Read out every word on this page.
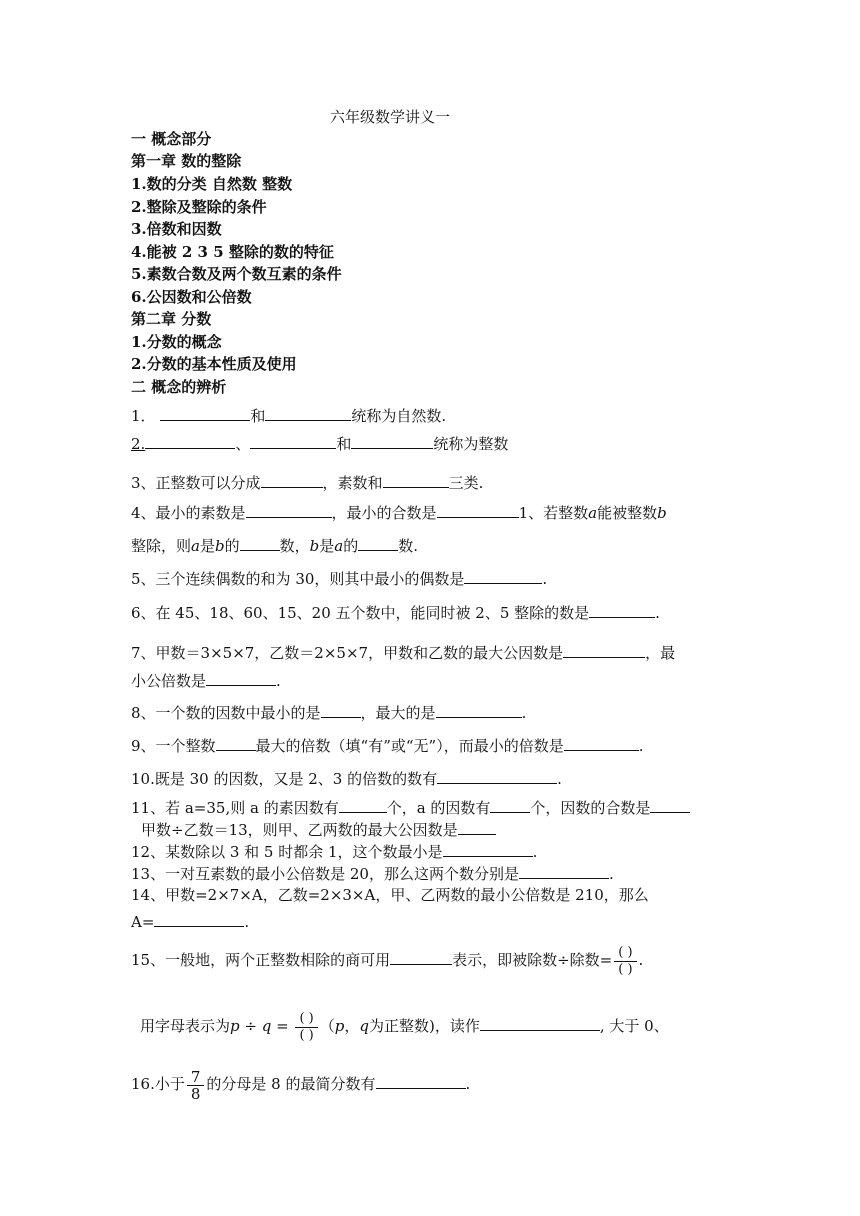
六年级数学讲义一
一 概念部分
第一章 数的整除
1.数的分类 自然数 整数
2.整除及整除的条件
3.倍数和因数
4.能被 2 3 5 整除的数的特征
5.素数合数及两个数互素的条件
6.公因数和公倍数
第二章 分数
1.分数的概念
2.分数的基本性质及使用
二 概念的辨析
1．	和	统称为自然数.
2.	、	和	统称为整数
3、正整数可以分成	，素数和	三类.
4、最小的素数是	，最小的合数是	1、若整数a能被整数b
整除，则a是b的	数，b是a的	数.
5、三个连续偶数的和为 30，则其中最小的偶数是	.
6、在 45、18、60、15、20 五个数中，能同时被 2、5 整除的数是	.
7、甲数＝3×5×7，乙数＝2×5×7，甲数和乙数的最大公因数是	，最
小公倍数是	.
8、一个数的因数中最小的是	，最大的是	.
9、一个整数	最大的倍数（填“有”或“无”），而最小的倍数是	.
10.既是 30 的因数，又是 2、3 的倍数的数有	.
11、若 a=35,则 a 的素因数有	个，a 的因数有	个，因数的合数是
甲数÷乙数＝13，则甲、乙两数的最大公因数是
12、某数除以 3 和 5 时都余 1，这个数最小是	.
13、一对互素数的最小公倍数是 20，那么这两个数分别是	.
14、甲数=2×7×A，乙数=2×3×A，甲、乙两数的最小公倍数是 210，那么
A=	.
15、一般地，两个正整数相除的商可用	表示，即被除数÷除数= $\frac{( )}{( )}$ .
用字母表示为$p \div q = \frac{( )}{( )} (p$，q为正整数)，读作	, 大于 0、
16.小于 $\frac{7}{8}$ 的分母是 8 的最简分数有	.
